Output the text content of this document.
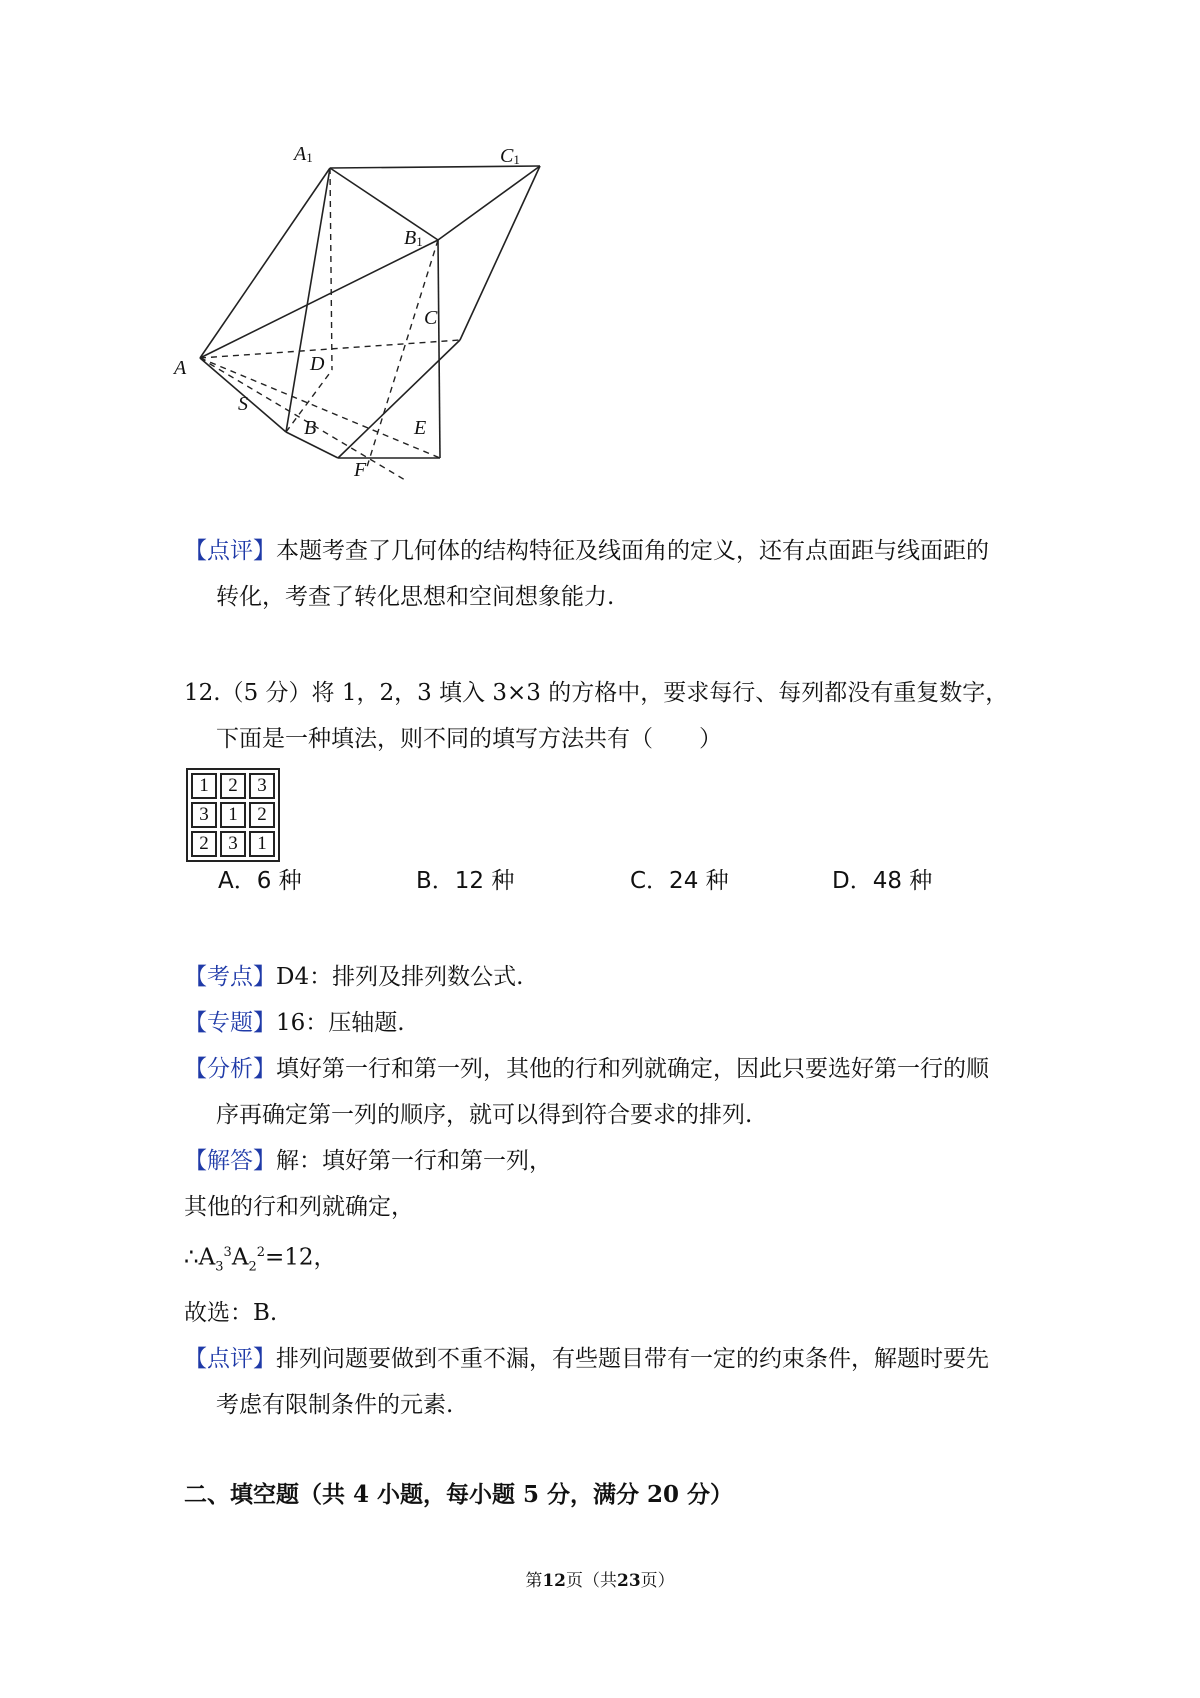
A1	C1
B1
A
C
D
S
B	E
F
【点评】本题考查了几何体的结构特征及线面角的定义，还有点面距与线面距的
转化，考查了转化思想和空间想象能力.
12.（5 分）将 1，2，3 填入 3×3 的方格中，要求每行、每列都没有重复数字，
下面是一种填法，则不同的填写方法共有（　　）
1	2	3
3	1	2
2	3	1
A．6 种	B．12 种	C．24 种	D．48 种
【考点】D4：排列及排列数公式.
【专题】16：压轴题.
【分析】填好第一行和第一列，其他的行和列就确定，因此只要选好第一行的顺
序再确定第一列的顺序，就可以得到符合要求的排列.
【解答】解：填好第一行和第一列，
其他的行和列就确定，
$\therefore A_3^3A_2^2=12$，
故选：B.
【点评】排列问题要做到不重不漏，有些题目带有一定的约束条件，解题时要先
考虑有限制条件的元素.
二、填空题（共 4 小题，每小题 5 分，满分 20 分）
第12页（共23页）
